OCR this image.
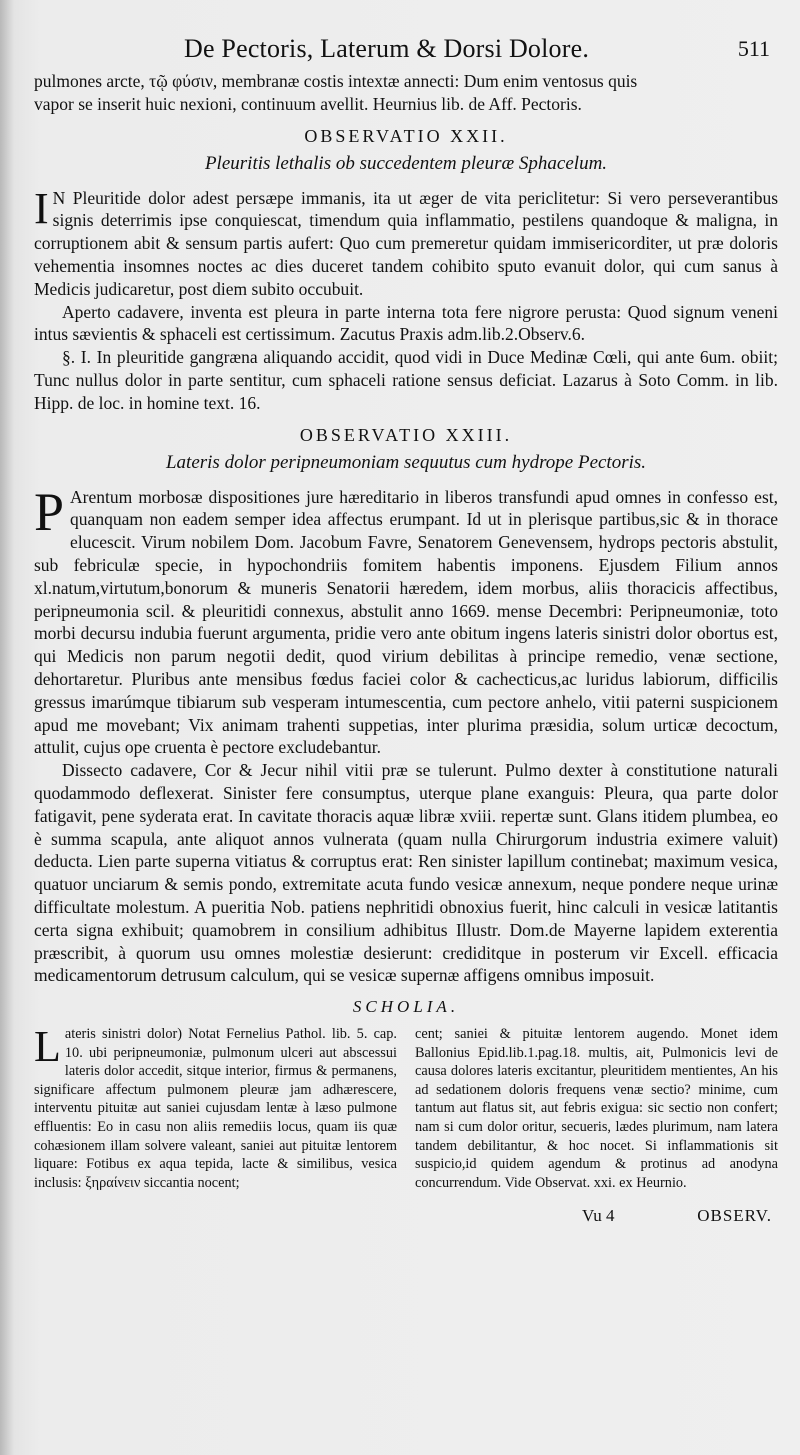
De Pectoris, Laterum & Dorsi Dolore.	511
pulmones arcte, τῷ φύσιν, membranæ costis intextæ annecti: Dum enim ventosus quis
vapor se inserit huic nexioni, continuum avellit. Heurnius lib. de Aff. Pectoris.
OBSERVATIO XXII.
Pleuritis lethalis ob succedentem pleuræ Sphacelum.

I N Pleuritide dolor adest persæpe immanis, ita ut æger de vita periclitetur: Si vero perseverantibus signis deterrimis ipse conquiescat, timendum quia inflammatio, pestilens quandoque & maligna, in corruptionem abit & sensum partis aufert: Quo cum premeretur quidam immisericorditer, ut præ doloris vehementia insomnes noctes ac dies duceret tandem cohibito sputo evanuit dolor, qui cum sanus à Medicis judicaretur, post diem subito occubuit.

Aperto cadavere, inventa est pleura in parte interna tota fere nigrore perusta: Quod signum veneni intus sævientis & sphaceli est certissimum. Zacutus Praxis adm.lib.2.Observ.6.

§. I. In pleuritide gangræna aliquando accidit, quod vidi in Duce Medinæ Cœli, qui ante 6um. obiit; Tunc nullus dolor in parte sentitur, cum sphaceli ratione sensus deficiat. Lazarus à Soto Comm. in lib. Hipp. de loc. in homine text. 16.

OBSERVATIO XXIII.
Lateris dolor peripneumoniam sequutus cum hydrope Pectoris.

P Arentum morbosæ dispositiones jure hæreditario in liberos transfundi apud omnes in confesso est, quanquam non eadem semper idea affectus erumpant. Id ut in plerisque partibus,sic & in thorace elucescit. Virum nobilem Dom. Jacobum Favre, Senatorem Genevensem, hydrops pectoris abstulit, sub febriculæ specie, in hypochondriis fomitem habentis imponens. Ejusdem Filium annos xl.natum,virtutum,bonorum & muneris Senatorii hæredem, idem morbus, aliis thoracicis affectibus, peripneumonia scil. & pleuritidi connexus, abstulit anno 1669. mense Decembri: Peripneumoniæ, toto morbi decursu indubia fuerunt argumenta, pridie vero ante obitum ingens lateris sinistri dolor obortus est, qui Medicis non parum negotii dedit, quod virium debilitas à principe remedio, venæ sectione, dehortaretur. Pluribus ante mensibus fœdus faciei color & cachecticus,ac luridus labiorum, difficilis gressus imarúmque tibiarum sub vesperam intumescentia, cum pectore anhelo, vitii paterni suspicionem apud me movebant; Vix animam trahenti suppetias, inter plurima præsidia, solum urticæ decoctum, attulit, cujus ope cruenta è pectore excludebantur.

Dissecto cadavere, Cor & Jecur nihil vitii præ se tulerunt. Pulmo dexter à constitutione naturali quodammodo deflexerat. Sinister fere consumptus, uterque plane exanguis: Pleura, qua parte dolor fatigavit, pene syderata erat. In cavitate thoracis aquæ libræ xviii. repertæ sunt. Glans itidem plumbea, eo è summa scapula, ante aliquot annos vulnerata (quam nulla Chirurgorum industria eximere valuit) deducta. Lien parte superna vitiatus & corruptus erat: Ren sinister lapillum continebat; maximum vesica, quatuor unciarum & semis pondo, extremitate acuta fundo vesicæ annexum, neque pondere neque urinæ difficultate molestum. A pueritia Nob. patiens nephritidi obnoxius fuerit, hinc calculi in vesicæ latitantis certa signa exhibuit; quamobrem in consilium adhibitus Illustr. Dom.de Mayerne lapidem exterentia præscribit, à quorum usu omnes molestiæ desierunt: crediditque in posterum vir Excell. efficacia medicamentorum detrusum calculum, qui se vesicæ supernæ affigens omnibus imposuit.

SCHOLIA.
Lateris sinistri dolor) Notat Fernelius Pathol. lib. 5. cap. 10. ubi peripneumoniæ, pulmonum ulceri aut abscessui lateris dolor accedit, sitque interior, firmus & permanens, significare affectum pulmonem pleuræ jam adhærescere, interventu pituitæ aut saniei cujusdam lentæ à læso pulmone effluentis: Eo in casu non aliis remediis locus, quam iis quæ cohæsionem illam solvere valeant, saniei aut pituitæ lentorem liquare: Fotibus ex aqua tepida, lacte & similibus, vesica inclusis: ξηραίνειν siccantia nocent;
cent; saniei & pituitæ lentorem augendo. Monet idem Ballonius Epid.lib.1.pag.18. multis, ait, Pulmonicis levi de causa dolores lateris excitantur, pleuritidem mentientes, An his ad sedationem doloris frequens venæ sectio? minime, cum tantum aut flatus sit, aut febris exigua: sic sectio non confert; nam si cum dolor oritur, secueris, lædes plurimum, nam latera tandem debilitantur, & hoc nocet. Si inflammationis sit suspicio,id quidem agendum & protinus ad anodyna concurrendum. Vide Observat. xxi. ex Heurnio.
Vu 4	OBSERV.
